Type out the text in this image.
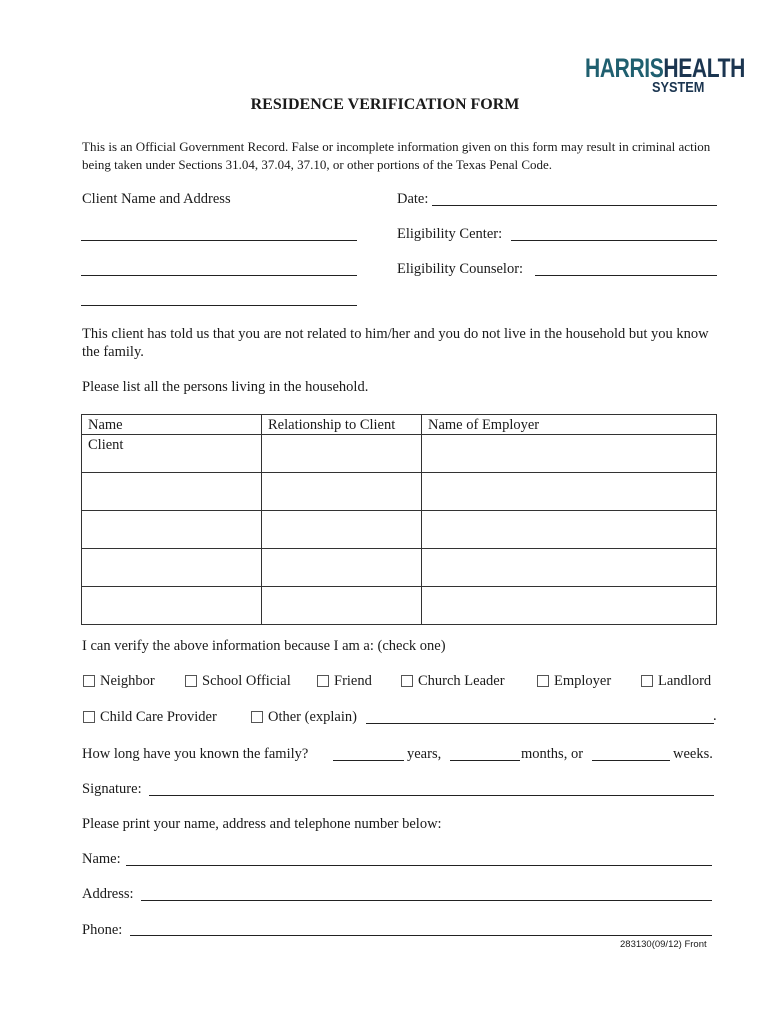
HARRISHEALTH
SYSTEM
RESIDENCE VERIFICATION FORM
This is an Official Government Record. False or incomplete information given on this form may result in criminal action being taken under Sections 31.04, 37.04, 37.10, or other portions of the Texas Penal Code.
Client Name and Address	Date:
Eligibility Center:
Eligibility Counselor:
This client has told us that you are not related to him/her and you do not live in the household but you know the family.
Please list all the persons living in the household.
Name	Relationship to Client	Name of Employer
Client		

I can verify the above information because I am a: (check one)
Neighbor	School Official	Friend	Church Leader	Employer	Landlord
Child Care Provider	Other (explain)	.
How long have you known the family?	years,	months, or	weeks.
Signature:
Please print your name, address and telephone number below:
Name:
Address:
Phone:
283130(09/12) Front
